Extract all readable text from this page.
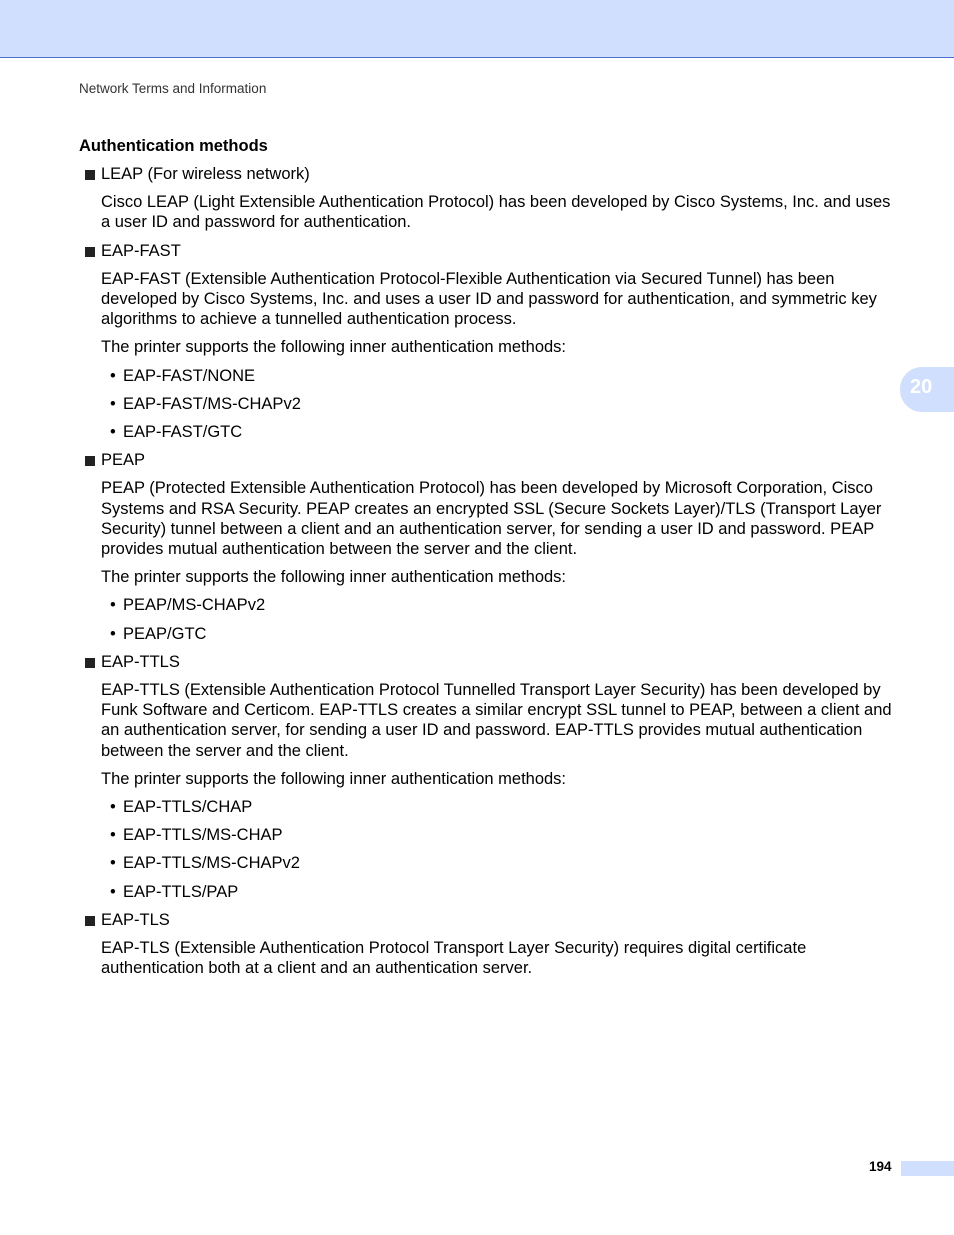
Network Terms and Information
Authentication methods
LEAP (For wireless network)
Cisco LEAP (Light Extensible Authentication Protocol) has been developed by Cisco Systems, Inc. and uses a user ID and password for authentication.
EAP-FAST
EAP-FAST (Extensible Authentication Protocol-Flexible Authentication via Secured Tunnel) has been developed by Cisco Systems, Inc. and uses a user ID and password for authentication, and symmetric key algorithms to achieve a tunnelled authentication process.
The printer supports the following inner authentication methods:
• EAP-FAST/NONE
• EAP-FAST/MS-CHAPv2
• EAP-FAST/GTC
PEAP
PEAP (Protected Extensible Authentication Protocol) has been developed by Microsoft Corporation, Cisco Systems and RSA Security. PEAP creates an encrypted SSL (Secure Sockets Layer)/TLS (Transport Layer Security) tunnel between a client and an authentication server, for sending a user ID and password. PEAP provides mutual authentication between the server and the client.
The printer supports the following inner authentication methods:
• PEAP/MS-CHAPv2
• PEAP/GTC
EAP-TTLS
EAP-TTLS (Extensible Authentication Protocol Tunnelled Transport Layer Security) has been developed by Funk Software and Certicom. EAP-TTLS creates a similar encrypt SSL tunnel to PEAP, between a client and an authentication server, for sending a user ID and password. EAP-TTLS provides mutual authentication between the server and the client.
The printer supports the following inner authentication methods:
• EAP-TTLS/CHAP
• EAP-TTLS/MS-CHAP
• EAP-TTLS/MS-CHAPv2
• EAP-TTLS/PAP
EAP-TLS
EAP-TLS (Extensible Authentication Protocol Transport Layer Security) requires digital certificate authentication both at a client and an authentication server.
20
194
